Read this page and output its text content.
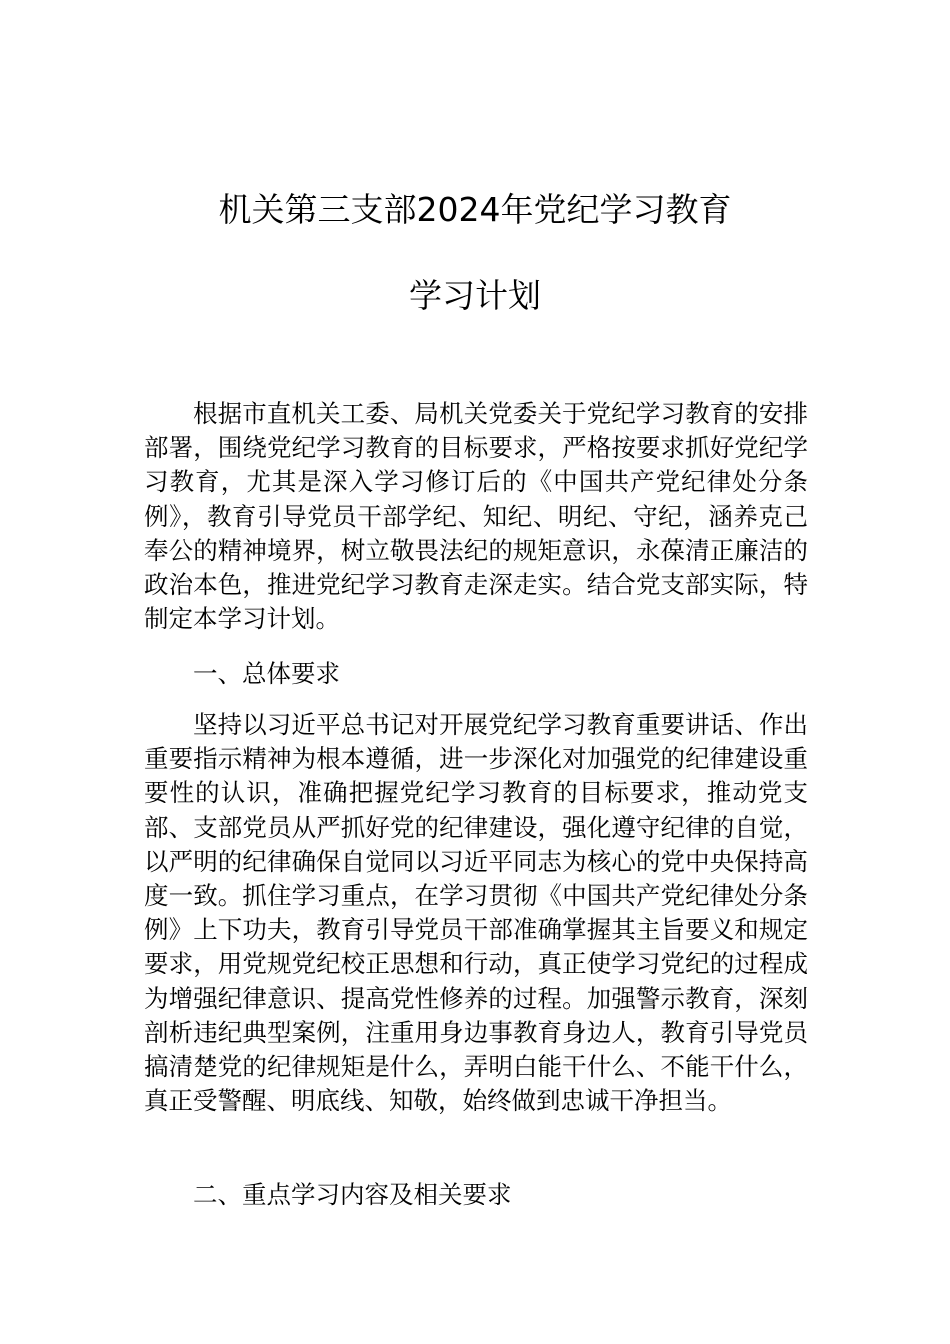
机关第三支部2024年党纪学习教育
学习计划

根据市直机关工委、局机关党委关于党纪学习教育的安排部署，围绕党纪学习教育的目标要求，严格按要求抓好党纪学习教育，尤其是深入学习修订后的《中国共产党纪律处分条例》，教育引导党员干部学纪、知纪、明纪、守纪，涵养克己奉公的精神境界，树立敬畏法纪的规矩意识，永葆清正廉洁的政治本色，推进党纪学习教育走深走实。结合党支部实际，特制定本学习计划。

一、总体要求

坚持以习近平总书记对开展党纪学习教育重要讲话、作出重要指示精神为根本遵循，进一步深化对加强党的纪律建设重要性的认识，准确把握党纪学习教育的目标要求，推动党支部、支部党员从严抓好党的纪律建设，强化遵守纪律的自觉，以严明的纪律确保自觉同以习近平同志为核心的党中央保持高度一致。抓住学习重点，在学习贯彻《中国共产党纪律处分条例》上下功夫，教育引导党员干部准确掌握其主旨要义和规定要求，用党规党纪校正思想和行动，真正使学习党纪的过程成为增强纪律意识、提高党性修养的过程。加强警示教育，深刻剖析违纪典型案例，注重用身边事教育身边人，教育引导党员搞清楚党的纪律规矩是什么，弄明白能干什么、不能干什么，真正受警醒、明底线、知敬，始终做到忠诚干净担当。

二、重点学习内容及相关要求
